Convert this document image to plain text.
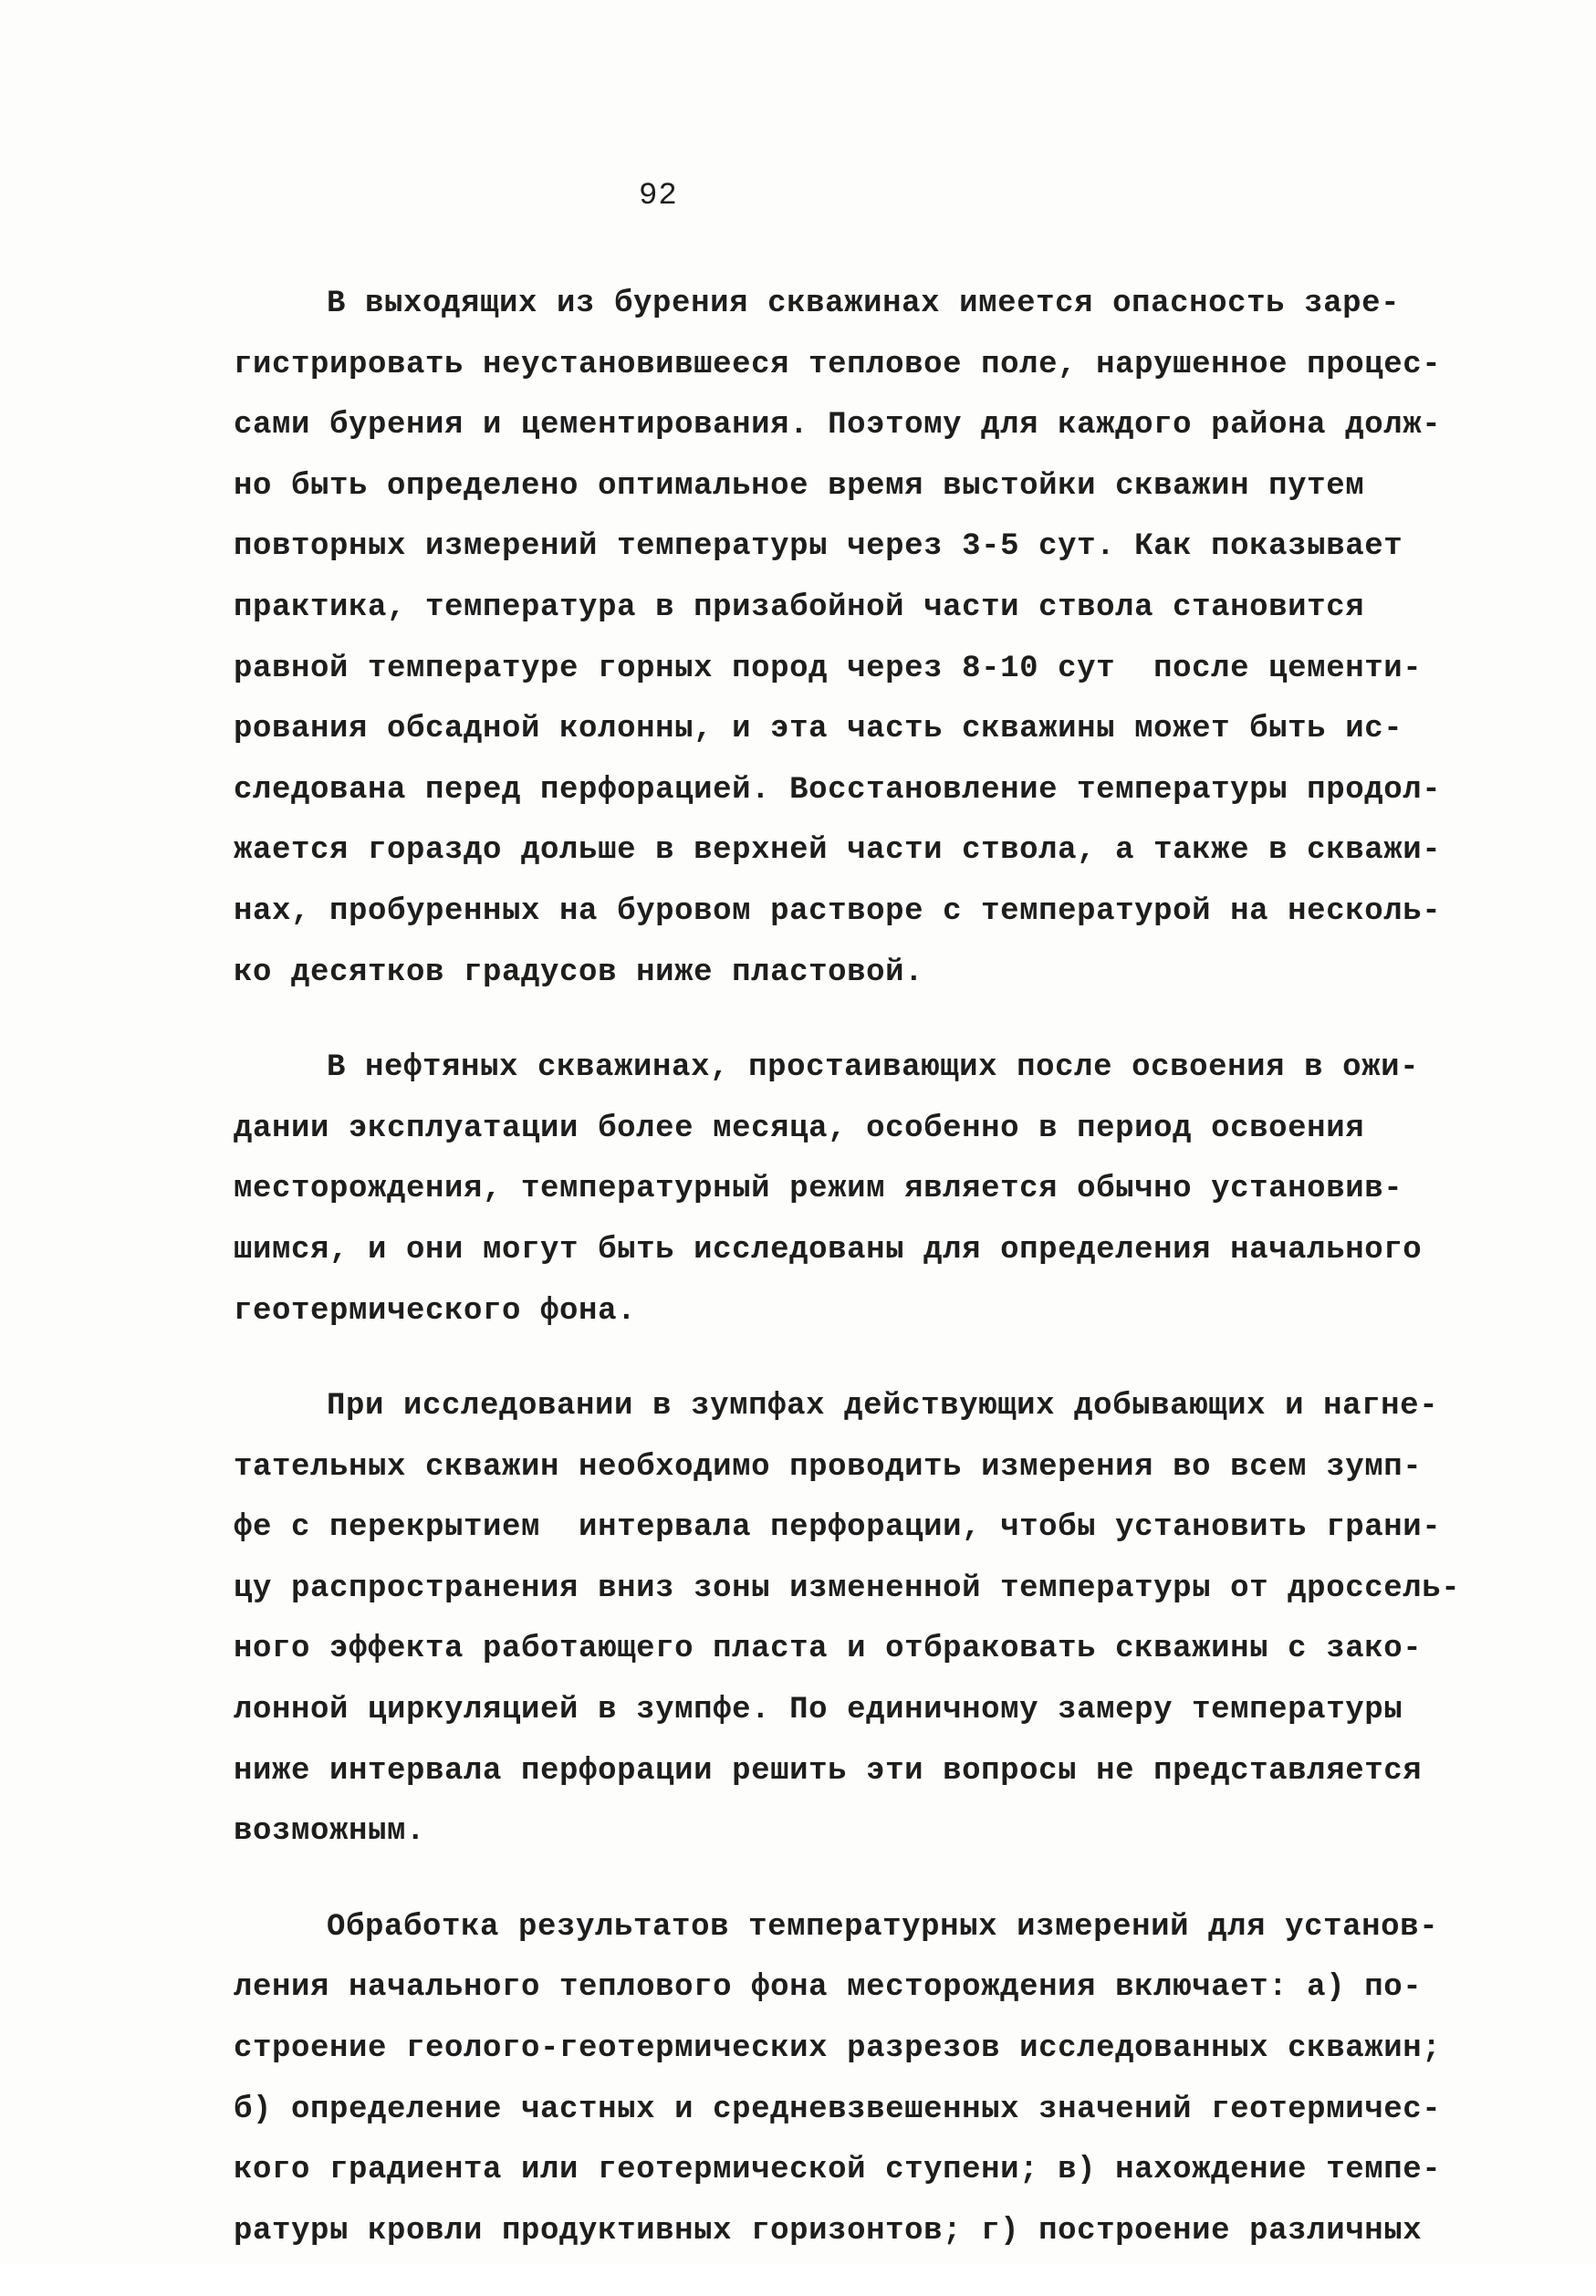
92
В выходящих из бурения скважинах имеется опасность заре-
гистрировать неустановившееся тепловое поле, нарушенное процес-
сами бурения и цементирования. Поэтому для каждого района долж-
но быть определено оптимальное время выстойки скважин путем
повторных измерений температуры через 3-5 сут. Как показывает
практика, температура в призабойной части ствола становится
равной температуре горных пород через 8-10 сут  после цементи-
рования обсадной колонны, и эта часть скважины может быть ис-
следована перед перфорацией. Восстановление температуры продол-
жается гораздо дольше в верхней части ствола, а также в скважи-
нах, пробуренных на буровом растворе с температурой на несколь-
ко десятков градусов ниже пластовой.
В нефтяных скважинах, простаивающих после освоения в ожи-
дании эксплуатации более месяца, особенно в период освоения
месторождения, температурный режим является обычно установив-
шимся, и они могут быть исследованы для определения начального
геотермического фона.
При исследовании в зумпфах действующих добывающих и нагне-
тательных скважин необходимо проводить измерения во всем зумп-
фе с перекрытием  интервала перфорации, чтобы установить грани-
цу распространения вниз зоны измененной температуры от дроссель-
ного эффекта работающего пласта и отбраковать скважины с зако-
лонной циркуляцией в зумпфе. По единичному замеру температуры
ниже интервала перфорации решить эти вопросы не представляется
возможным.
Обработка результатов температурных измерений для установ-
ления начального теплового фона месторождения включает: а) по-
строение геолого-геотермических разрезов исследованных скважин;
б) определение частных и средневзвешенных значений геотермичес-
кого градиента или геотермической ступени; в) нахождение темпе-
ратуры кровли продуктивных горизонтов; г) построение различных
